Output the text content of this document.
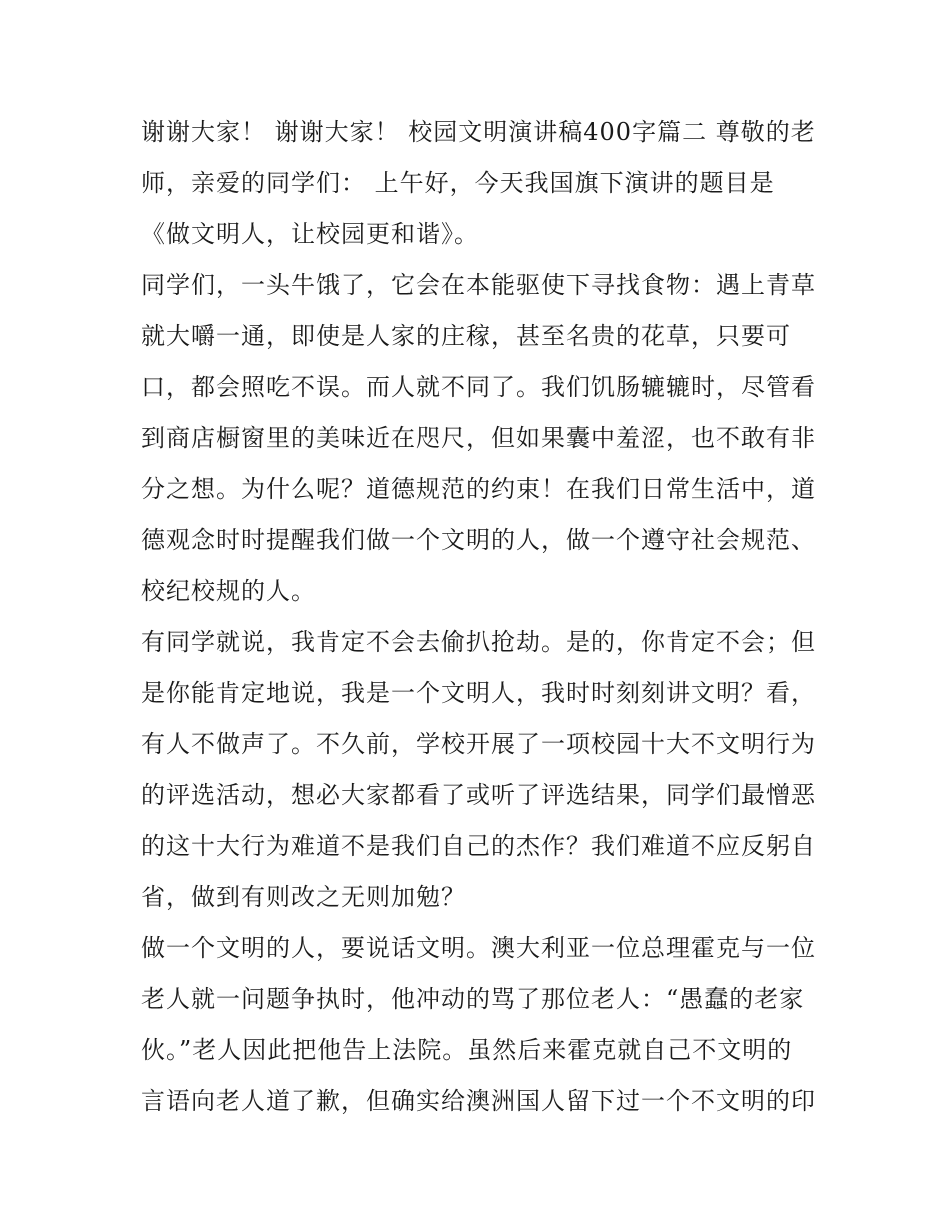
谢谢大家！ 谢谢大家！ 校园文明演讲稿400字篇二 尊敬的老
师，亲爱的同学们： 上午好，今天我国旗下演讲的题目是
《做文明人，让校园更和谐》。
同学们，一头牛饿了，它会在本能驱使下寻找食物：遇上青草
就大嚼一通，即使是人家的庄稼，甚至名贵的花草，只要可
口，都会照吃不误。而人就不同了。我们饥肠辘辘时，尽管看
到商店橱窗里的美味近在咫尺，但如果囊中羞涩，也不敢有非
分之想。为什么呢？道德规范的约束！在我们日常生活中，道
德观念时时提醒我们做一个文明的人，做一个遵守社会规范、
校纪校规的人。
有同学就说，我肯定不会去偷扒抢劫。是的，你肯定不会；但
是你能肯定地说，我是一个文明人，我时时刻刻讲文明？看，
有人不做声了。不久前，学校开展了一项校园十大不文明行为
的评选活动，想必大家都看了或听了评选结果，同学们最憎恶
的这十大行为难道不是我们自己的杰作？我们难道不应反躬自
省，做到有则改之无则加勉？
做一个文明的人，要说话文明。澳大利亚一位总理霍克与一位
老人就一问题争执时，他冲动的骂了那位老人：“愚蠢的老家
伙。”老人因此把他告上法院。虽然后来霍克就自己不文明的
言语向老人道了歉，但确实给澳洲国人留下过一个不文明的印
